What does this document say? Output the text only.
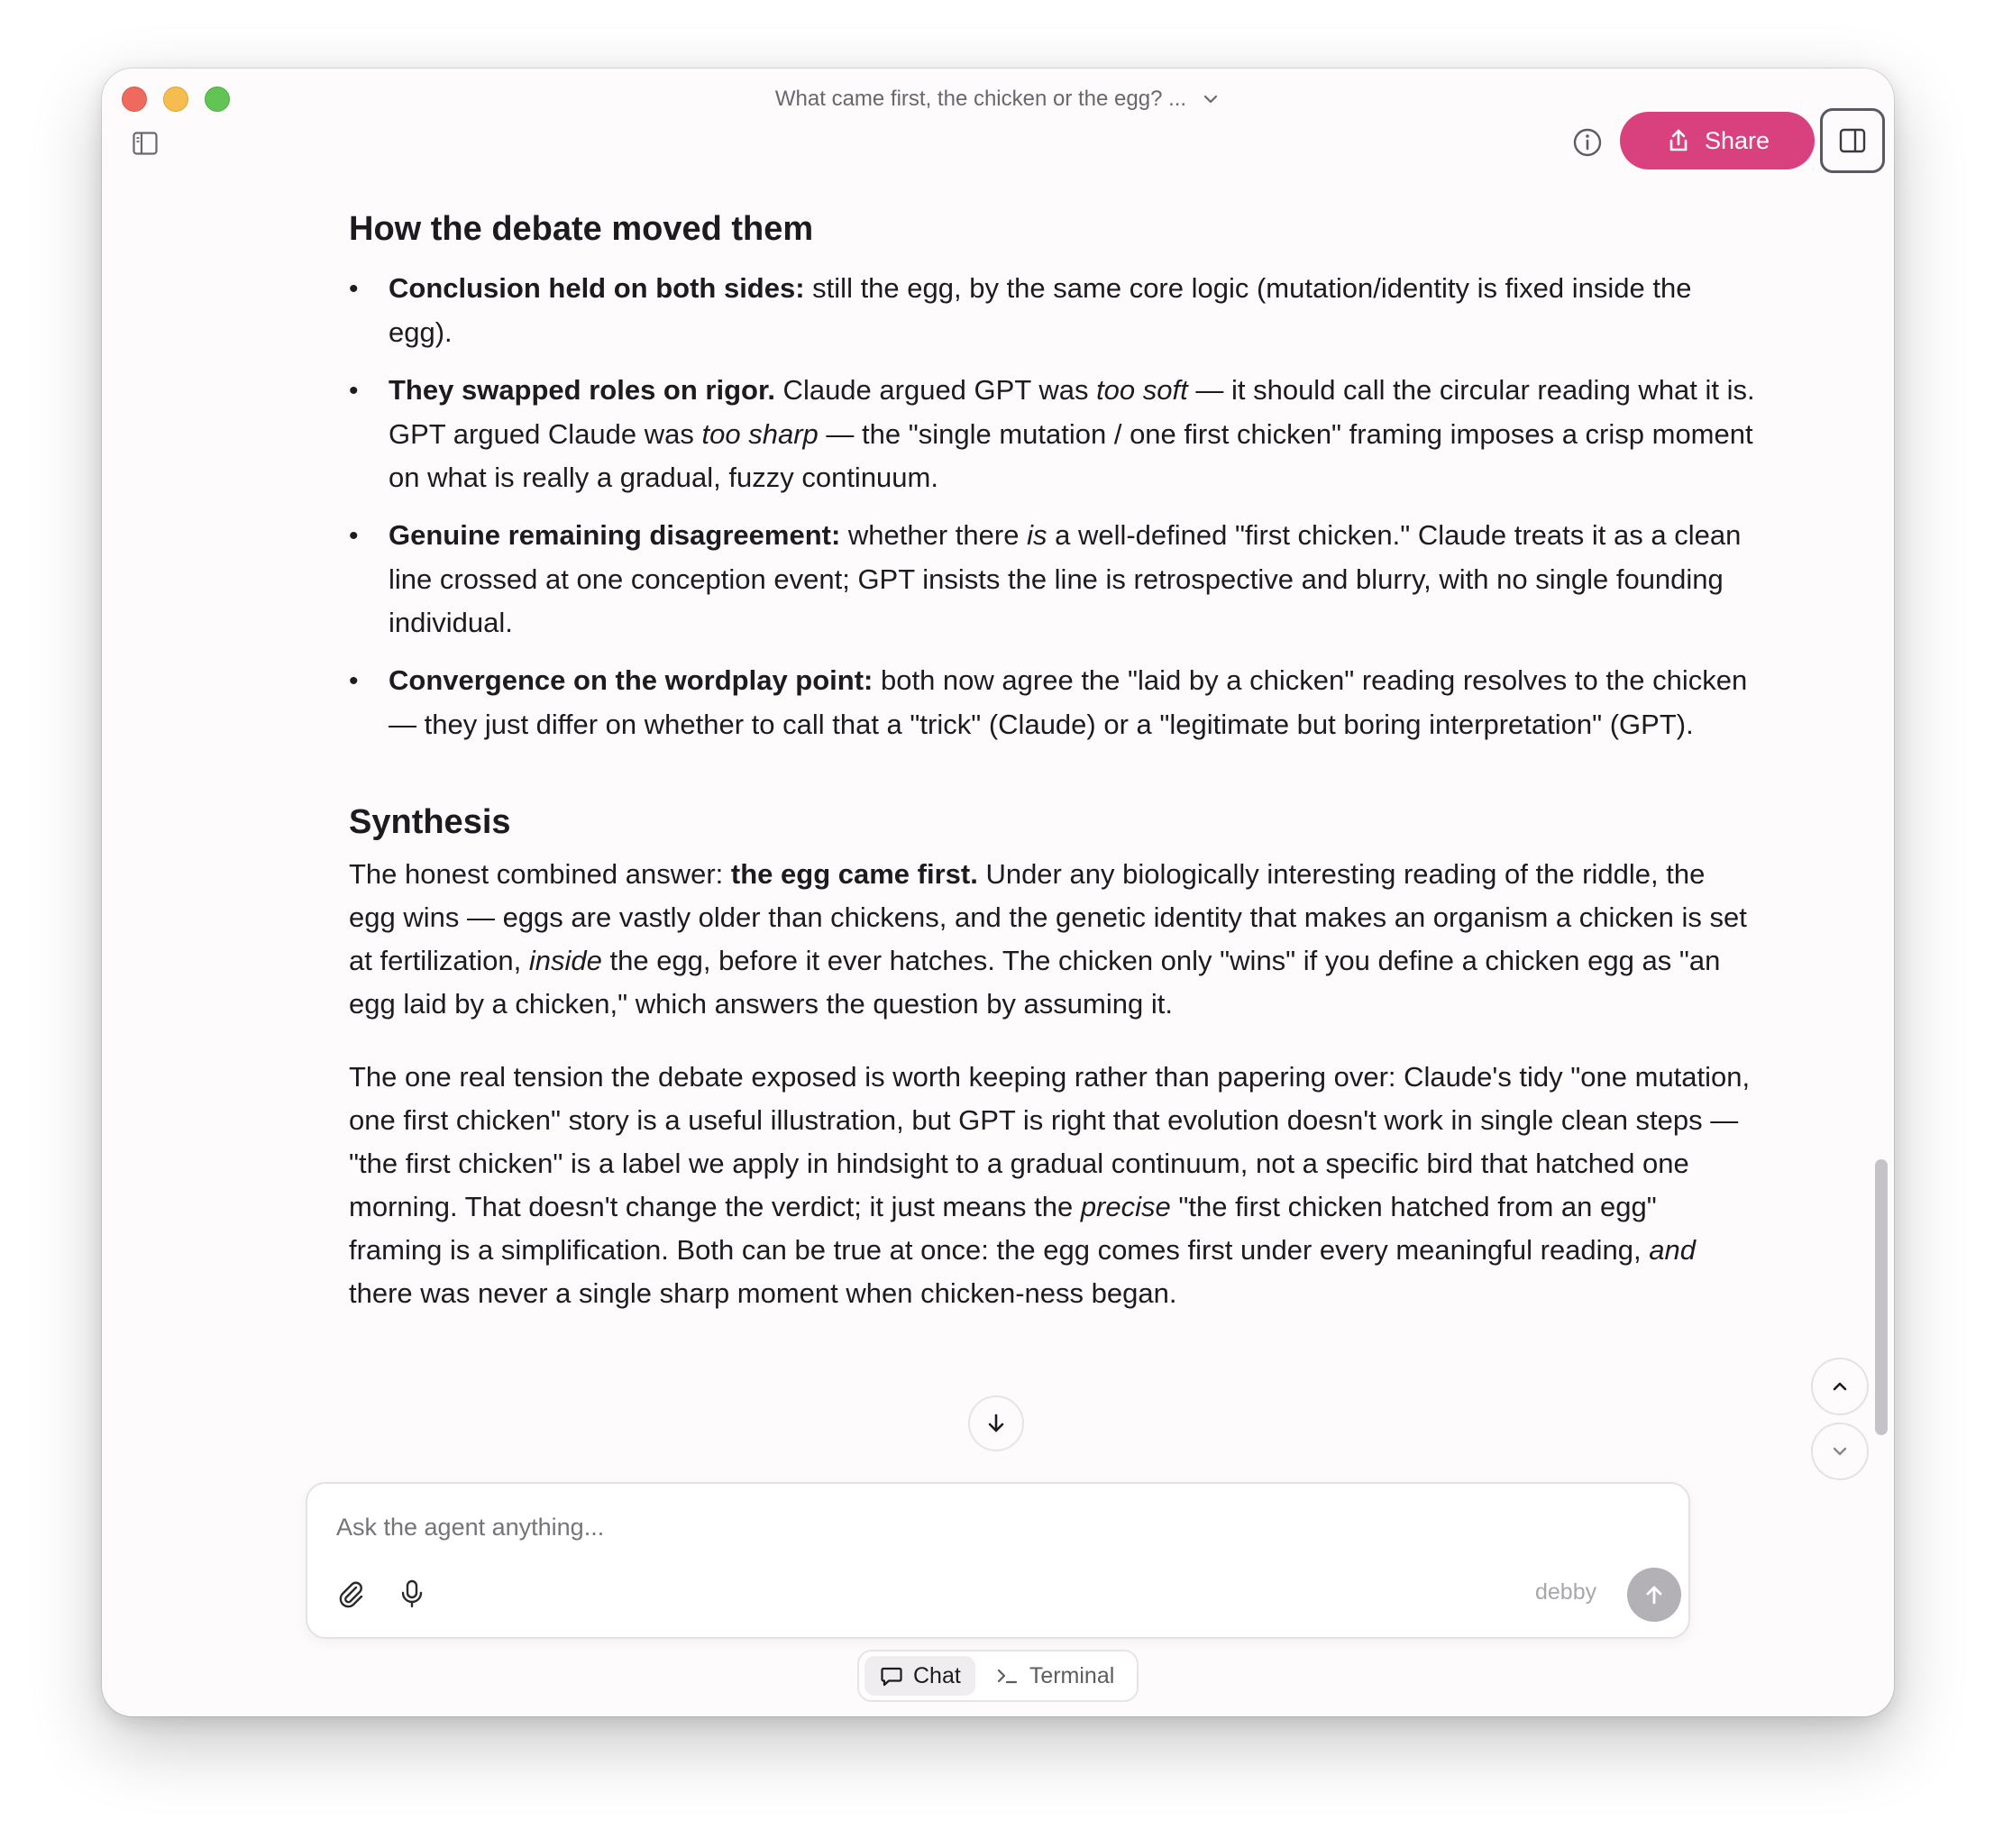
What came first, the chicken or the egg? ...
Share
How the debate moved them
•Conclusion held on both sides: still the egg, by the same core logic (mutation/identity is fixed inside the egg).
•They swapped roles on rigor. Claude argued GPT was too soft — it should call the circular reading what it is. GPT argued Claude was too sharp — the "single mutation / one first chicken" framing imposes a crisp moment on what is really a gradual, fuzzy continuum.
•Genuine remaining disagreement: whether there is a well-defined "first chicken." Claude treats it as a clean line crossed at one conception event; GPT insists the line is retrospective and blurry, with no single founding individual.
•Convergence on the wordplay point: both now agree the "laid by a chicken" reading resolves to the chicken — they just differ on whether to call that a "trick" (Claude) or a "legitimate but boring interpretation" (GPT).
Synthesis

The honest combined answer: the egg came first. Under any biologically interesting reading of the riddle, the egg wins — eggs are vastly older than chickens, and the genetic identity that makes an organism a chicken is set at fertilization, inside the egg, before it ever hatches. The chicken only "wins" if you define a chicken egg as "an egg laid by a chicken," which answers the question by assuming it.

The one real tension the debate exposed is worth keeping rather than papering over: Claude's tidy "one mutation, one first chicken" story is a useful illustration, but GPT is right that evolution doesn't work in single clean steps — "the first chicken" is a label we apply in hindsight to a gradual continuum, not a specific bird that hatched one morning. That doesn't change the verdict; it just means the precise "the first chicken hatched from an egg" framing is a simplification. Both can be true at once: the egg comes first under every meaningful reading, and there was never a single sharp moment when chicken-ness began.

Ask the agent anything...
debby
Chat	Terminal
